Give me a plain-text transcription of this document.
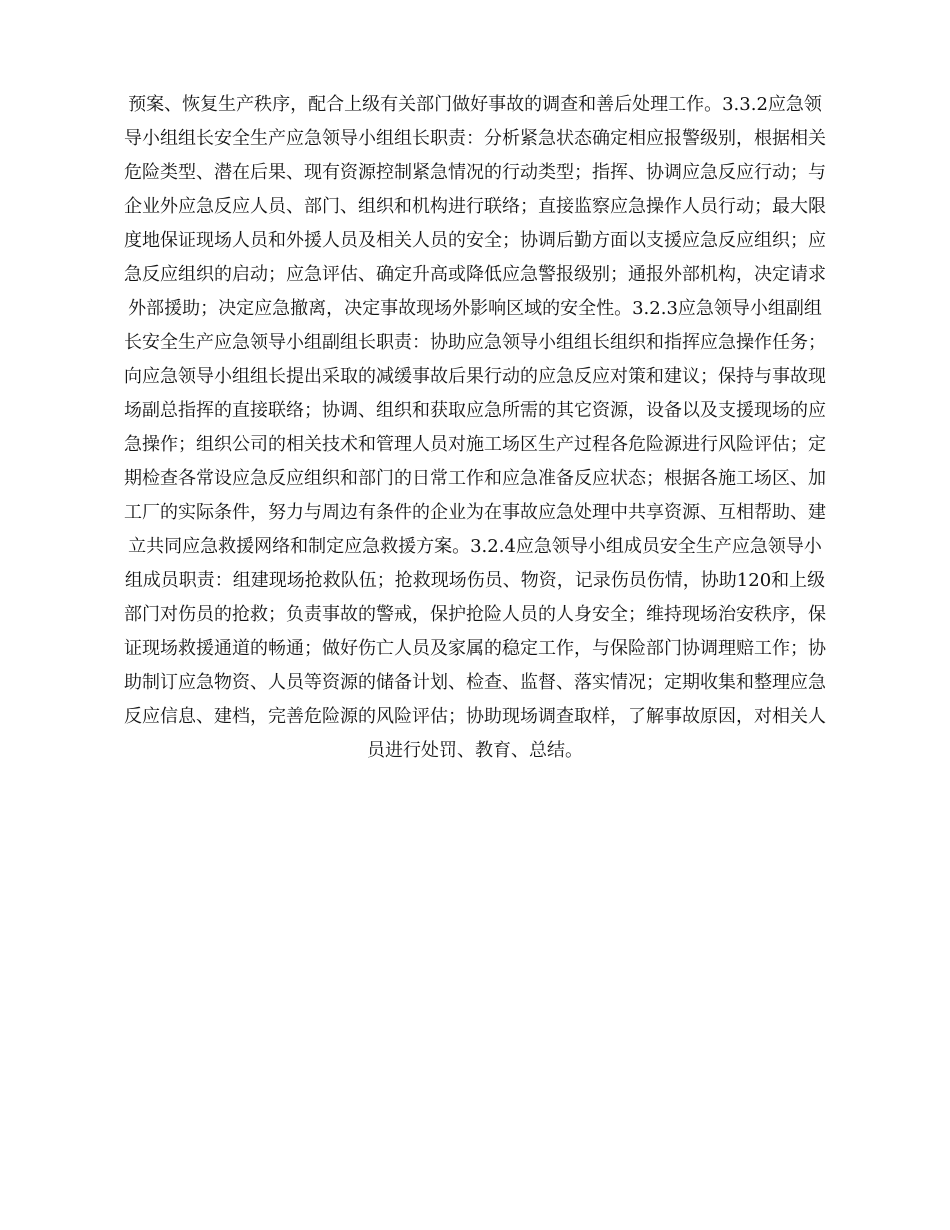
预案、恢复生产秩序，配合上级有关部门做好事故的调查和善后处理工作。3.3.2应急领
导小组组长安全生产应急领导小组组长职责：分析紧急状态确定相应报警级别，根据相关
危险类型、潜在后果、现有资源控制紧急情况的行动类型；指挥、协调应急反应行动；与
企业外应急反应人员、部门、组织和机构进行联络；直接监察应急操作人员行动；最大限
度地保证现场人员和外援人员及相关人员的安全；协调后勤方面以支援应急反应组织；应
急反应组织的启动；应急评估、确定升高或降低应急警报级别；通报外部机构，决定请求
外部援助；决定应急撤离，决定事故现场外影响区域的安全性。3.2.3应急领导小组副组
长安全生产应急领导小组副组长职责：协助应急领导小组组长组织和指挥应急操作任务；
向应急领导小组组长提出采取的减缓事故后果行动的应急反应对策和建议；保持与事故现
场副总指挥的直接联络；协调、组织和获取应急所需的其它资源，设备以及支援现场的应
急操作；组织公司的相关技术和管理人员对施工场区生产过程各危险源进行风险评估；定
期检查各常设应急反应组织和部门的日常工作和应急准备反应状态；根据各施工场区、加
工厂的实际条件，努力与周边有条件的企业为在事故应急处理中共享资源、互相帮助、建
立共同应急救援网络和制定应急救援方案。3.2.4应急领导小组成员安全生产应急领导小
组成员职责：组建现场抢救队伍；抢救现场伤员、物资，记录伤员伤情，协助120和上级
部门对伤员的抢救；负责事故的警戒，保护抢险人员的人身安全；维持现场治安秩序，保
证现场救援通道的畅通；做好伤亡人员及家属的稳定工作，与保险部门协调理赔工作；协
助制订应急物资、人员等资源的储备计划、检查、监督、落实情况；定期收集和整理应急
反应信息、建档，完善危险源的风险评估；协助现场调查取样，了解事故原因，对相关人
员进行处罚、教育、总结。
